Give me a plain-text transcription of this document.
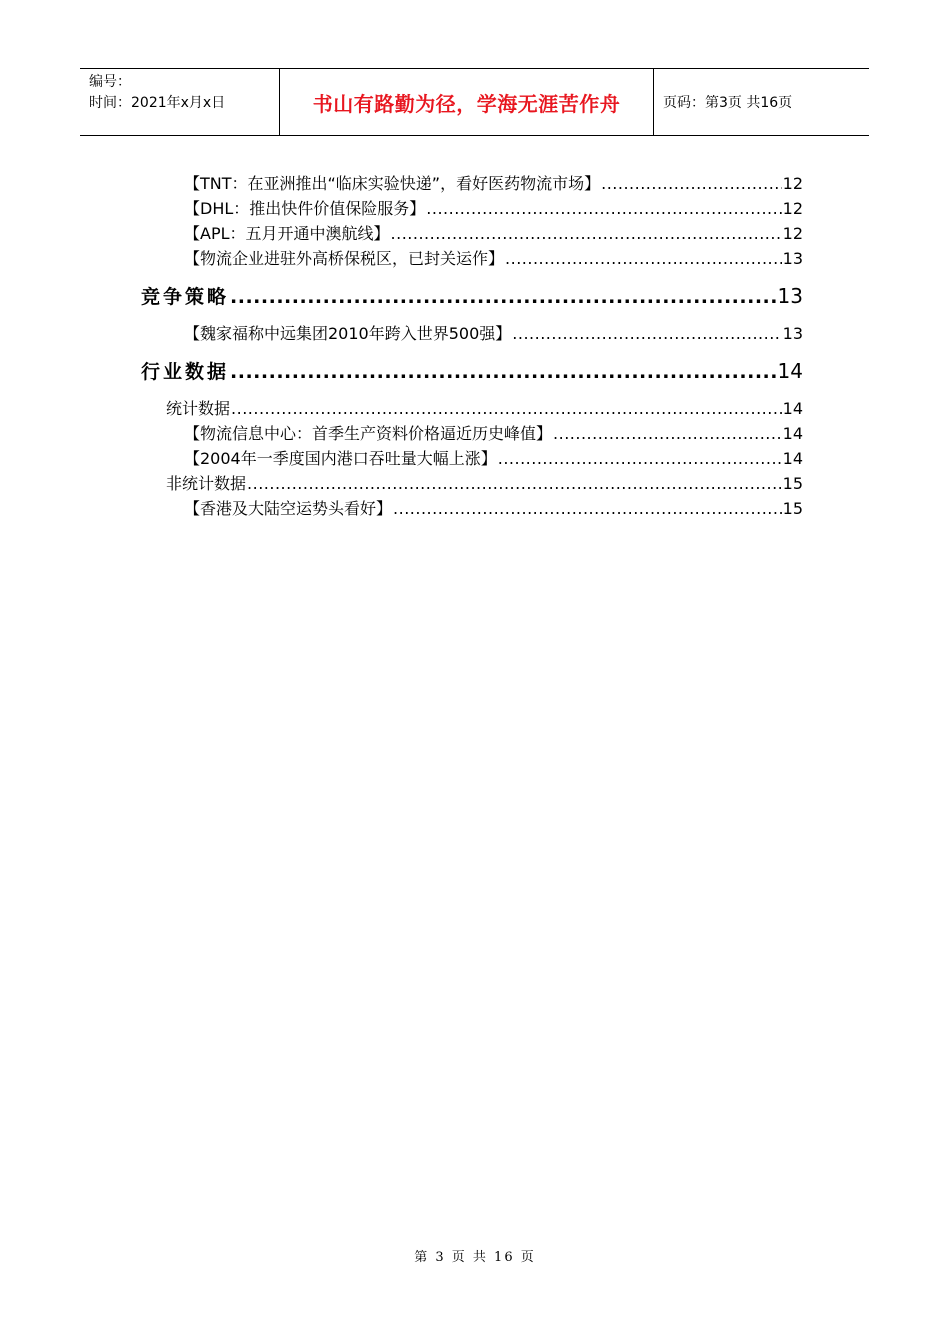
编号：
时间：2021年x月x日	书山有路勤为径，学海无涯苦作舟	页码：第3页 共16页
【TNT：在亚洲推出“临床实验快递”，看好医药物流市场】 .....	12
【DHL：推出快件价值保险服务】 .....	12
【APL：五月开通中澳航线】 .....	12
【物流企业进驻外高桥保税区，已封关运作】 .....	13
竞争策略 .....	13
【魏家福称中远集团2010年跨入世界500强】 .....	13
行业数据 .....	14
统计数据 .....	14
【物流信息中心：首季生产资料价格逼近历史峰值】 .....	14
【2004年一季度国内港口吞吐量大幅上涨】 .....	14
非统计数据 .....	15
【香港及大陆空运势头看好】 .....	15
第 3 页 共 16 页
